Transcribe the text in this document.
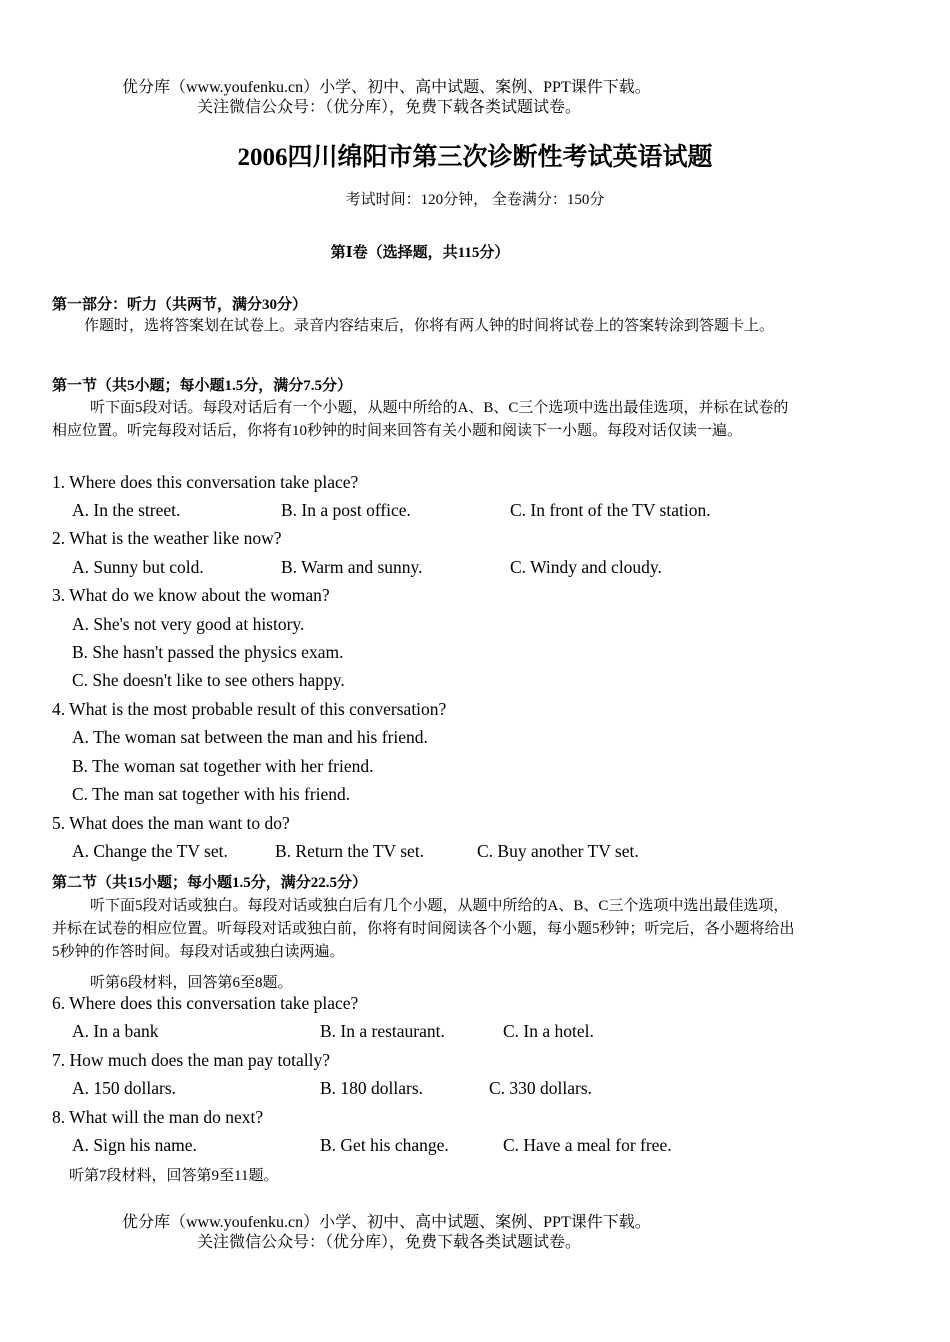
优分库（www.youfenku.cn）小学、初中、高中试题、案例、PPT课件下载。
关注微信公众号：（优分库），免费下载各类试题试卷。
2006四川绵阳市第三次诊断性考试英语试题
考试时间：120分钟， 全卷满分：150分
第Ⅰ卷（选择题，共115分）
第一部分：听力（共两节，满分30分）
作题时，选将答案划在试卷上。录音内容结束后，你将有两人钟的时间将试卷上的答案转涂到答题卡上。
第一节（共5小题；每小题1.5分，满分7.5分）
听下面5段对话。每段对话后有一个小题，从题中所给的A、B、C三个选项中选出最佳选项，并标在试卷的相应位置。听完每段对话后，你将有10秒钟的时间来回答有关小题和阅读下一小题。每段对话仅读一遍。
1. Where does this conversation take place?
A. In the street.	B. In a post office.	C. In front of the TV station.
2. What is the weather like now?
A. Sunny but cold.	B. Warm and sunny.	C. Windy and cloudy.
3. What do we know about the woman?
A. She's not very good at history.
B. She hasn't passed the physics exam.
C. She doesn't like to see others happy.
4. What is the most probable result of this conversation?
A. The woman sat between the man and his friend.
B. The woman sat together with her friend.
C. The man sat together with his friend.
5. What does the man want to do?
A. Change the TV set.	B. Return the TV set.	C. Buy another TV set.
第二节（共15小题；每小题1.5分，满分22.5分）
听下面5段对话或独白。每段对话或独白后有几个小题，从题中所给的A、B、C三个选项中选出最佳选项，并标在试卷的相应位置。听每段对话或独白前，你将有时间阅读各个小题，每小题5秒钟；听完后，各小题将给出5秒钟的作答时间。每段对话或独白读两遍。
听第6段材料，回答第6至8题。
6. Where does this conversation take place?
A. In a bank	B. In a restaurant.	C. In a hotel.
7. How much does the man pay totally?
A. 150 dollars.	B. 180 dollars.	C. 330 dollars.
8. What will the man do next?
A. Sign his name.	B. Get his change.	C. Have a meal for free.
听第7段材料，回答第9至11题。
优分库（www.youfenku.cn）小学、初中、高中试题、案例、PPT课件下载。
关注微信公众号：（优分库），免费下载各类试题试卷。
